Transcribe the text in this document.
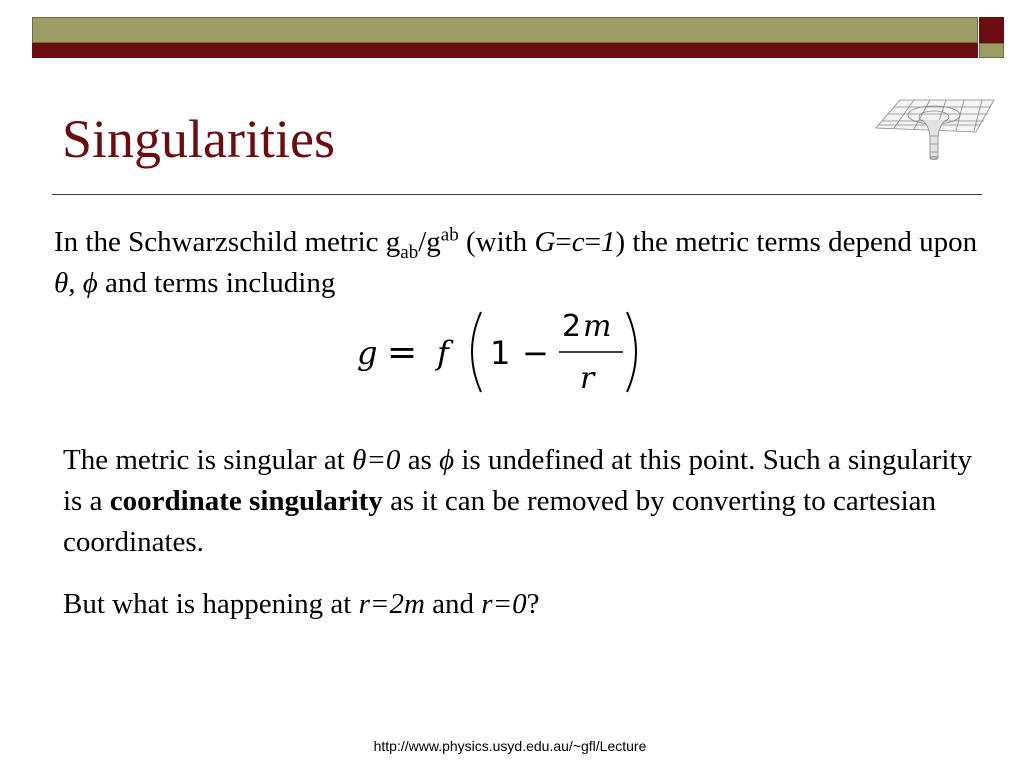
Singularities
In the Schwarzschild metric $g_{ab}/g^{ab}$ (with G=c=1) the metric terms depend upon θ, ϕ and terms including
g = f 1 −
2 m
r
The metric is singular at θ=0 as ϕ is undefined at this point. Such a singularity is a coordinate singularity as it can be removed by converting to cartesian coordinates.
But what is happening at r=2m and r=0?
http://www.physics.usyd.edu.au/~gfl/Lecture
